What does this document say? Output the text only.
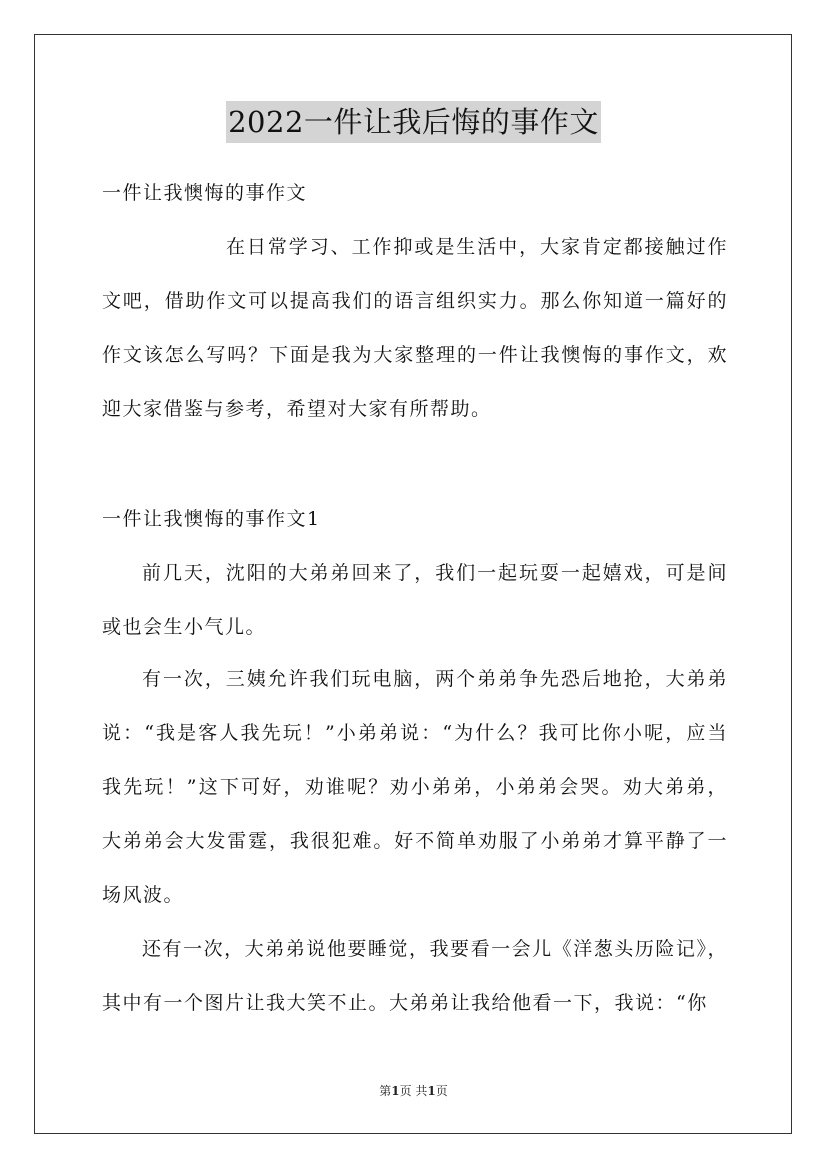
2022一件让我后悔的事作文

一件让我懊悔的事作文

在日常学习、工作抑或是生活中，大家肯定都接触过作文吧，借助作文可以提高我们的语言组织实力。那么你知道一篇好的作文该怎么写吗？下面是我为大家整理的一件让我懊悔的事作文，欢迎大家借鉴与参考，希望对大家有所帮助。

一件让我懊悔的事作文1

前几天，沈阳的大弟弟回来了，我们一起玩耍一起嬉戏，可是间或也会生小气儿。

有一次，三姨允许我们玩电脑，两个弟弟争先恐后地抢，大弟弟说：“我是客人我先玩！”小弟弟说：“为什么？我可比你小呢，应当我先玩！”这下可好，劝谁呢？劝小弟弟，小弟弟会哭。劝大弟弟，大弟弟会大发雷霆，我很犯难。好不简单劝服了小弟弟才算平静了一场风波。

还有一次，大弟弟说他要睡觉，我要看一会儿《洋葱头历险记》，其中有一个图片让我大笑不止。大弟弟让我给他看一下，我说：“你

第1页 共1页
